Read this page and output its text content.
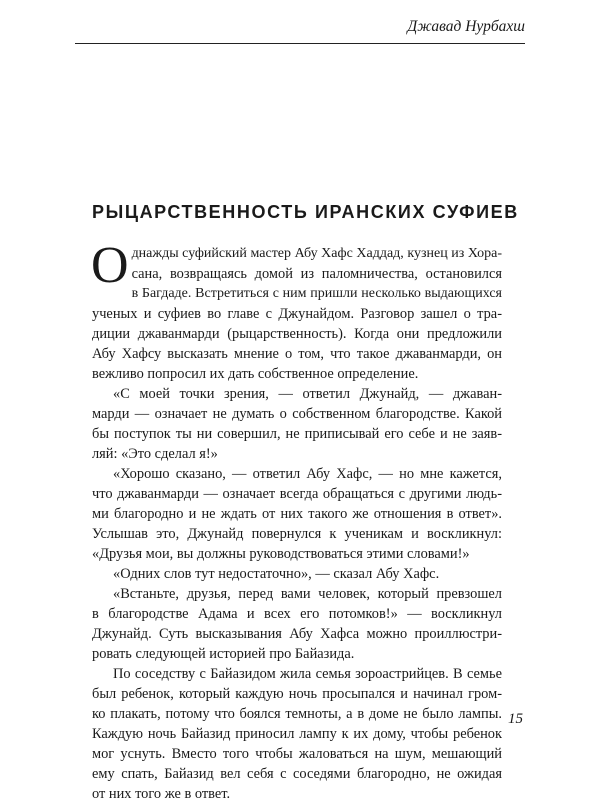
Джавад Нурбахш
РЫЦАРСТВЕННОСТЬ ИРАНСКИХ СУФИЕВ
О днажды суфийский мастер Абу Хафс Хаддад, кузнец из Хора-
сана, возвращаясь домой из паломничества, остановился
в Багдаде. Встретиться с ним пришли несколько выдающихся
ученых и суфиев во главе с Джунайдом. Разговор зашел о тра-
диции джаванмарди (рыцарственность). Когда они предложили
Абу Хафсу высказать мнение о том, что такое джаванмарди, он
вежливо попросил их дать собственное определение.
«С моей точки зрения, — ответил Джунайд, — джаван-
марди — означает не думать о собственном благородстве. Какой
бы поступок ты ни совершил, не приписывай его себе и не заяв-
ляй: «Это сделал я!»
«Хорошо сказано, — ответил Абу Хафс, — но мне кажется,
что джаванмарди — означает всегда обращаться с другими людь-
ми благородно и не ждать от них такого же отношения в ответ».
Услышав это, Джунайд повернулся к ученикам и воскликнул:
«Друзья мои, вы должны руководствоваться этими словами!»
«Одних слов тут недостаточно», — сказал Абу Хафс.
«Встаньте, друзья, перед вами человек, который превзошел
в благородстве Адама и всех его потомков!» — воскликнул
Джунайд. Суть высказывания Абу Хафса можно проиллюстри-
ровать следующей историей про Байазида.
По соседству с Байазидом жила семья зороастрийцев. В семье
был ребенок, который каждую ночь просыпался и начинал гром-
ко плакать, потому что боялся темноты, а в доме не было лампы.
Каждую ночь Байазид приносил лампу к их дому, чтобы ребенок
мог уснуть. Вместо того чтобы жаловаться на шум, мешающий
ему спать, Байазид вел себя с соседями благородно, не ожидая
от них того же в ответ.
15
